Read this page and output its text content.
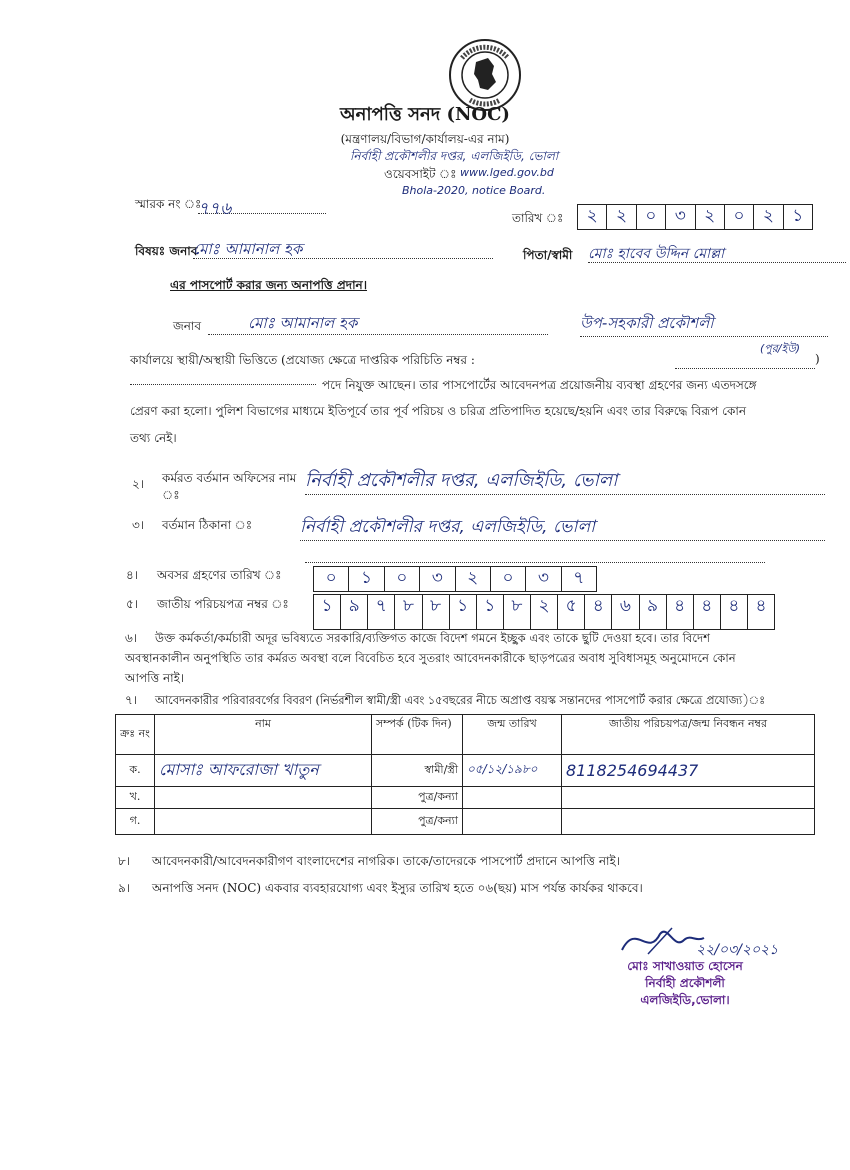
অনাপত্তি সনদ (NOC)
(মন্ত্রণালয়/বিভাগ/কার্যালয়-এর নাম)
নির্বাহী প্রকৌশলীর দপ্তর, এলজিইডি, ভোলা
ওয়েবসাইট ঃ www.lged.gov.bd
Bhola-2020, notice Board.
স্মারক নং ঃ
৭৭৬	তারিখ ঃ	২	২	০	৩	২	০	২	১
বিষয়ঃ জনাব
মোঃ আমানাল হক	পিতা/স্বামী মোঃ হাবেব উদ্দিন মোল্লা
এর পাসপোর্ট করার জন্য অনাপত্তি প্রদান।
জনাব	মোঃ আমানাল হক	উপ-সহকারী প্রকৌশলী
(পুর/ইউ)
কার্যালয়ে স্থায়ী/অস্থায়ী ভিত্তিতে (প্রযোজ্য ক্ষেত্রে দাপ্তরিক পরিচিতি নম্বর :	)
পদে নিযুক্ত আছেন। তার পাসপোর্টের আবেদনপত্র প্রয়োজনীয় ব্যবস্থা গ্রহণের জন্য এতদসঙ্গে
প্রেরণ করা হলো। পুলিশ বিভাগের মাধ্যমে ইতিপূর্বে তার পূর্ব পরিচয় ও চরিত্র প্রতিপাদিত হয়েছে/হয়নি এবং তার বিরুদ্ধে বিরূপ কোন
তথ্য নেই।
২। কর্মরত বর্তমান অফিসের নাম ঃ
নির্বাহী প্রকৌশলীর দপ্তর, এলজিইডি, ভোলা
৩। বর্তমান ঠিকানা ঃ	নির্বাহী প্রকৌশলীর দপ্তর, এলজিইডি, ভোলা
৪। অবসর গ্রহণের তারিখ ঃ	০	১	০	৩	২	০	৩	৭
৫। জাতীয় পরিচয়পত্র নম্বর ঃ	১ ৯ ৭ ৮ ৮ ১ ১ ৮ ২ ৫ ৪ ৬ ৯ ৪ ৪ ৪ ৪
৬। উক্ত কর্মকর্তা/কর্মচারী অদূর ভবিষ্যতে সরকারি/ব্যক্তিগত কাজে বিদেশ গমনে ইচ্ছুক এবং তাকে ছুটি দেওয়া হবে। তার বিদেশ
অবস্থানকালীন অনুপস্থিতি তার কর্মরত অবস্থা বলে বিবেচিত হবে সুতরাং আবেদনকারীকে ছাড়পত্রের অবাধ সুবিধাসমূহ অনুমোদনে কোন
আপত্তি নাই।
৭। আবেদনকারীর পরিবারবর্গের বিবরণ (নির্ভরশীল স্বামী/স্ত্রী এবং ১৫বছরের নীচে অপ্রাপ্ত বয়স্ক সন্তানদের পাসপোর্ট করার ক্ষেত্রে প্রযোজ্য)ঃ
ক্রঃ নং	নাম	সম্পর্ক (টিক দিন)	জন্ম তারিখ	জাতীয় পরিচয়পত্র/জন্ম নিবন্ধন নম্বর
ক.	মোসাঃ আফরোজা খাতুন	স্বামী/স্ত্রী	০৫/১২/১৯৮০	8118254694437
খ.		পুত্র/কন্যা		
গ.		পুত্র/কন্যা		
৮। আবেদনকারী/আবেদনকারীগণ বাংলাদেশের নাগরিক। তাকে/তাদেরকে পাসপোর্ট প্রদানে আপত্তি নাই।
৯। অনাপত্তি সনদ (NOC) একবার ব্যবহারযোগ্য এবং ইস্যুর তারিখ হতে ০৬(ছয়) মাস পর্যন্ত কার্যকর থাকবে।
২২/০৩/২০২১
মোঃ সাখাওয়াত হোসেন
নির্বাহী প্রকৌশলী
এলজিইডি,ভোলা।
